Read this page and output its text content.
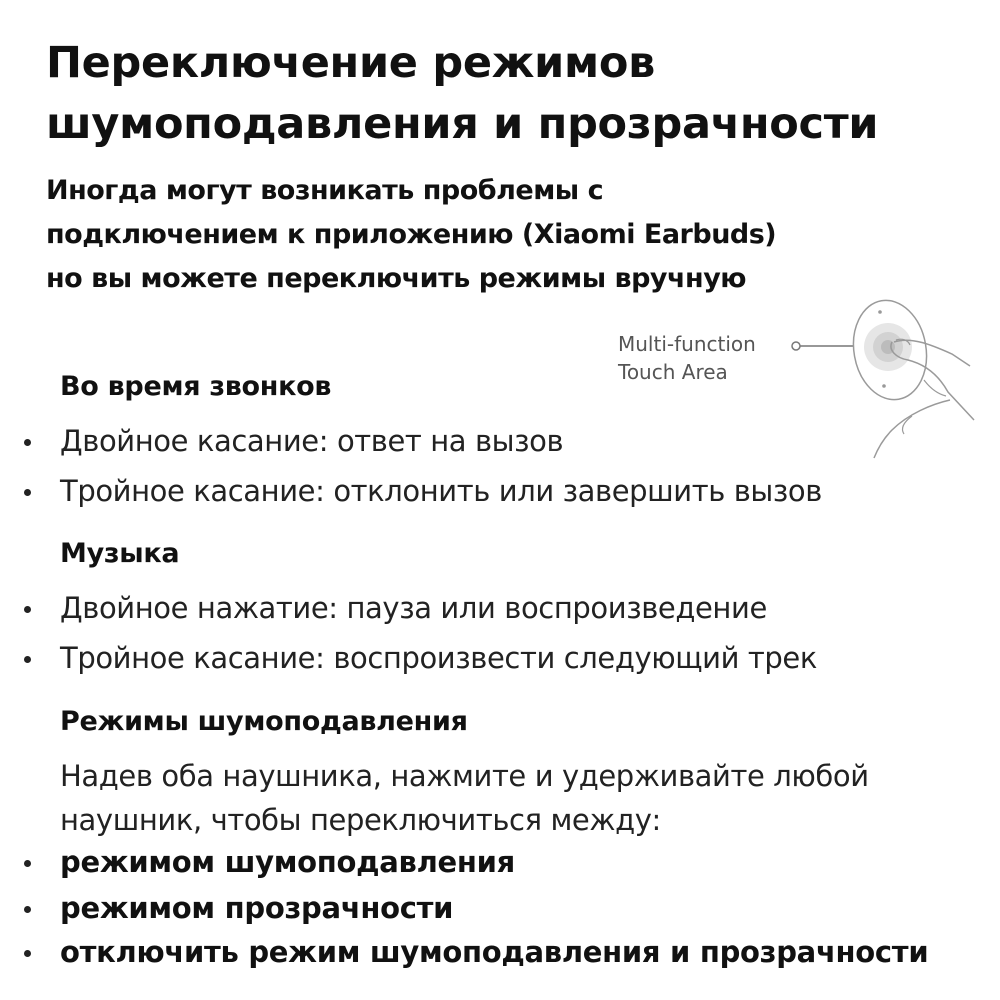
Переключение режимов
шумоподавления и прозрачности
Иногда могут возникать проблемы с
подключением к приложению (Xiaomi Earbuds)
но вы можете переключить режимы вручную
Multi-function
Touch Area
Во время звонков
Двойное касание: ответ на вызов
Тройное касание: отклонить или завершить вызов
Музыка
Двойное нажатие: пауза или воспроизведение
Тройное касание: воспроизвести следующий трек
Режимы шумоподавления
Надев оба наушника, нажмите и удерживайте любой
наушник, чтобы переключиться между:
режимом шумоподавления
режимом прозрачности
отключить режим шумоподавления и прозрачности
